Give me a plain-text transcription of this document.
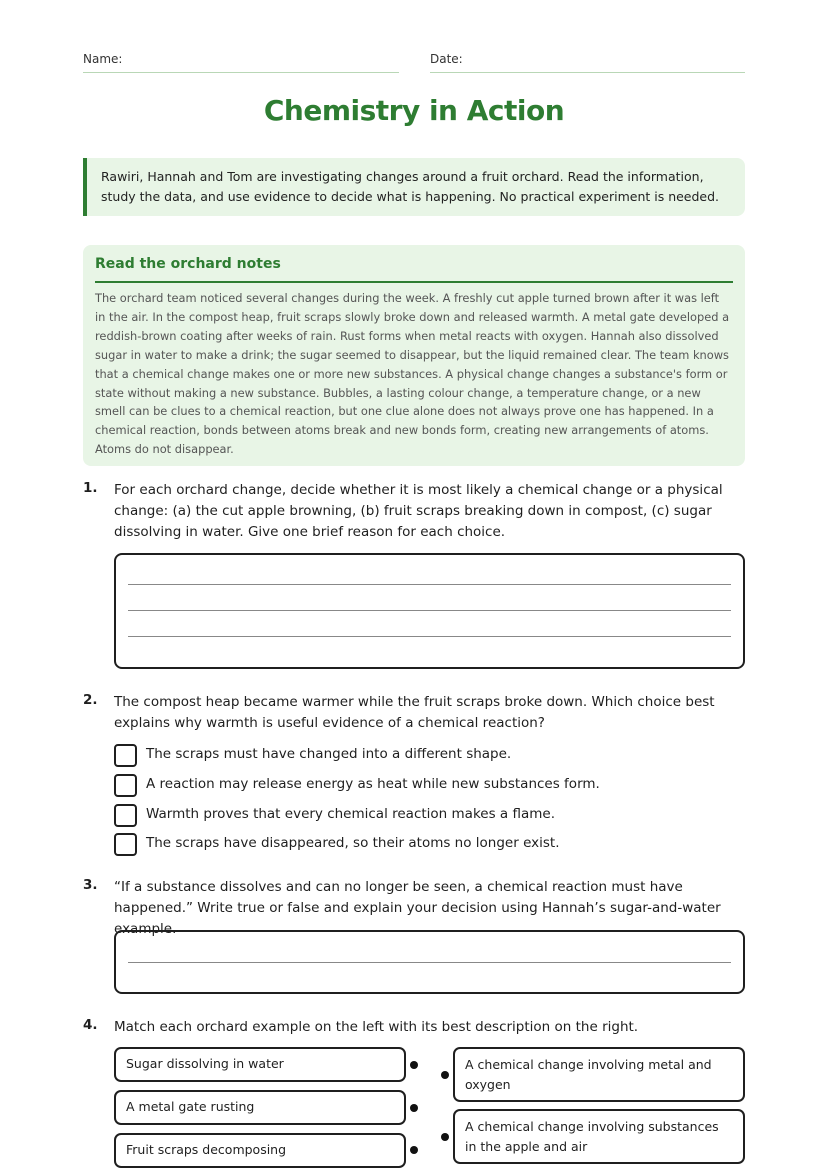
Name:	Date:
Chemistry in Action
Rawiri, Hannah and Tom are investigating changes around a fruit orchard. Read the information, study the data, and use evidence to decide what is happening. No practical experiment is needed.
Read the orchard notes

The orchard team noticed several changes during the week. A freshly cut apple turned brown after it was left in the air. In the compost heap, fruit scraps slowly broke down and released warmth. A metal gate developed a reddish-brown coating after weeks of rain. Rust forms when metal reacts with oxygen. Hannah also dissolved sugar in water to make a drink; the sugar seemed to disappear, but the liquid remained clear. The team knows that a chemical change makes one or more new substances. A physical change changes a substance's form or state without making a new substance. Bubbles, a lasting colour change, a temperature change, or a new smell can be clues to a chemical reaction, but one clue alone does not always prove one has happened. In a chemical reaction, bonds between atoms break and new bonds form, creating new arrangements of atoms. Atoms do not disappear.

1. For each orchard change, decide whether it is most likely a chemical change or a physical change: (a) the cut apple browning, (b) fruit scraps breaking down in compost, (c) sugar dissolving in water. Give one brief reason for each choice.
2. The compost heap became warmer while the fruit scraps broke down. Which choice best explains why warmth is useful evidence of a chemical reaction?
The scraps must have changed into a different shape.
A reaction may release energy as heat while new substances form.
Warmth proves that every chemical reaction makes a flame.
The scraps have disappeared, so their atoms no longer exist.
3. “If a substance dissolves and can no longer be seen, a chemical reaction must have happened.” Write true or false and explain your decision using Hannah’s sugar-and-water example.
4. Match each orchard example on the left with its best description on the right.
Sugar dissolving in water
A metal gate rusting
Fruit scraps decomposing
A chemical change involving metal and oxygen
A chemical change involving substances in the apple and air
